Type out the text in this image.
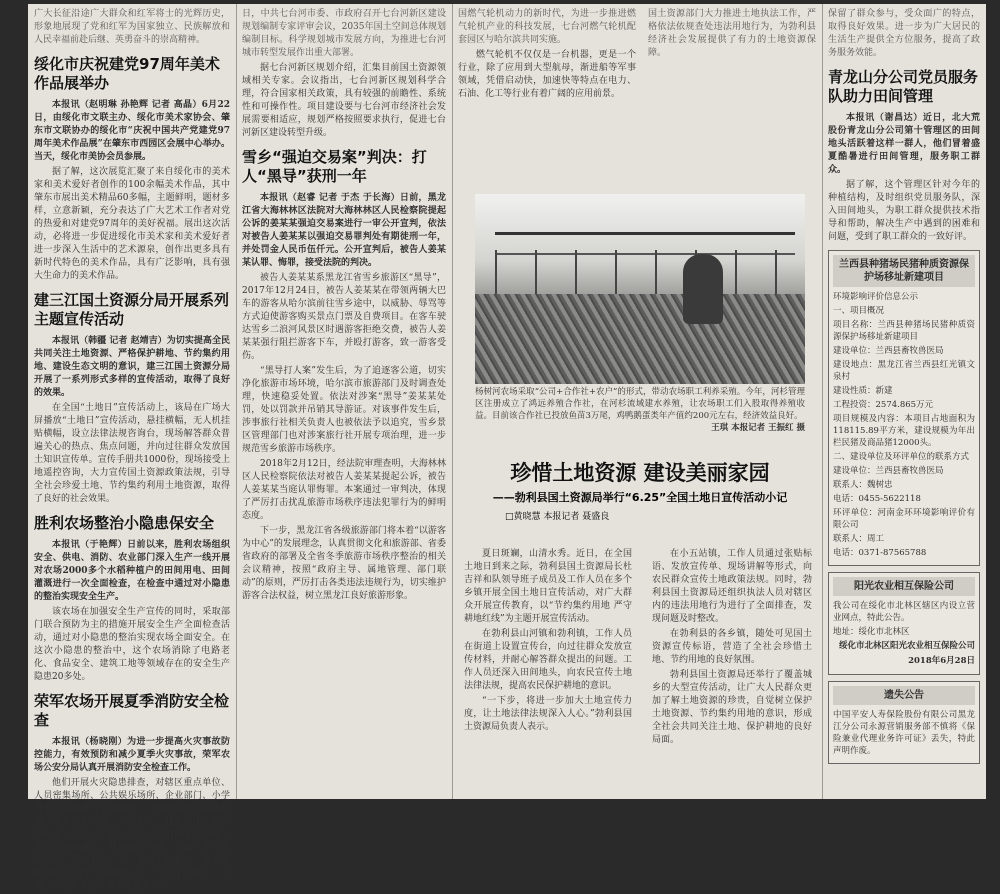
广大长征沿途广大群众和红军将士的光辉历史，形象地展现了党和红军为国家独立、民族解放和人民幸福前赴后继、英勇奋斗的崇高精神。

绥化市庆祝建党97周年美术作品展举办

本报讯（赵明琳 孙艳辉 记者 高晶）6月22日，由绥化市文联主办、绥化市美术家协会、肇东市文联协办的绥化市“庆祝中国共产党建党97周年美术作品展”在肇东市西园区会展中心举办。当天，绥化市美协会员参展。

据了解，这次展览汇聚了来自绥化市的美术家和美术爱好者创作的100余幅美术作品，其中肇东市展出美术精品60多幅，主题鲜明，题材多样，立意新颖，充分表达了广大艺术工作者对党的热爱和对建党97周年的美好祝福。展出这次活动，必将进一步促进绥化市美术家和美术爱好者进一步深入生活中的艺术源泉，创作出更多具有新时代特色的美术作品，具有广泛影响，具有强大生命力的美术作品。

建三江国土资源分局开展系列主题宣传活动

本报讯（韩疆 记者 赵靖吉）为切实提高全民共同关注土地资源、严格保护耕地、节约集约用地、建设生态文明的意识，建三江国土资源分局开展了一系列形式多样的宣传活动，取得了良好的效果。

在全国“土地日”宣传活动上，该局在广场大屏播放“土地日”宣传活动，悬挂横幅，无人机挂贴横幅，设立法律法规咨询台，现场解答群众普遍关心的热点、焦点问题，并向过往群众发放国土知识宣传单。宣传手册共1000份，现场接受上地遥控咨询，大力宣传国土资源政策法规，引导全社会珍爱土地、节约集约利用土地资源，取得了良好的社会效果。

胜利农场整治小隐患保安全

本报讯（于艳辉）日前以来，胜利农场组织安全、供电、消防、农业部门深入生产一线开展对农场2000多个水稻种植户的田间用电、田间灌溉进行一次全面检查，在检查中通过对小隐患的整治实现安全生产。

该农场在加强安全生产宣传的同时，采取部门联合预防为主的措施开展安全生产全面检查活动，通过对小隐患的整治实现农场全面安全。在这次小隐患的整治中，这个农场消除了电路老化、食品安全、建筑工地等领域存在的安全生产隐患20多处。

荣军农场开展夏季消防安全检查

本报讯（杨晓刚）为进一步提高火灾事故防控能力，有效预防和减少夏季火灾事故，荣军农场公安分局认真开展消防安全检查工作。

他们开展火灾隐患排查，对辖区重点单位、人员密集场所、公共娱乐场所、企业部门、小学等重点部位进行全面检查，全面开展火灾隐患排查，深入实地走访，对管理区、建筑工地、基层单位进行走访，广泛征求社会对消防安全管理工作的意见和建议。开展消防宣传，采取宣传车巡回宣传、播放公益广告、悬挂消防横幅、发放消防知识宣传单等多种形式，广泛宣传用火、用电、用气防火安全和灭火逃生知识。

日，中共七台河市委、市政府召开七台河新区建设规划编制专家评审会议，2035年国土空间总体规划编制目标。科学规划城市发展方向，为推进七台河城市转型发展作出重大部署。

据七台河新区规划介绍，汇集目前国土资源领域相关专家。会议指出，七台河新区规划科学合理，符合国家相关政策，具有较强的前瞻性、系统性和可操作性。项目建设要与七台河市经济社会发展需要相适应，规划严格按照要求执行，促进七台河新区建设转型升级。

雪乡“强迫交易案”判决：打人“黑导”获刑一年

本报讯（赵睿 记者 于杰 于长海）日前，黑龙江省大海林林区法院对大海林林区人民检察院提起公诉的姜某某强迫交易案进行一审公开宣判，依法对被告人姜某某以强迫交易罪判处有期徒刑一年，并处罚金人民币伍仟元。公开宣判后，被告人姜某某认罪、悔罪，接受法院的判决。

被告人姜某某系黑龙江省雪乡旅游区“黑导”，2017年12月24日，被告人姜某某在带领两辆大巴车的游客从哈尔滨前往雪乡途中，以威胁、辱骂等方式迫使游客购买景点门票及自费项目。在客车驶达雪乡二浪河风景区时遇游客拒绝交费，被告人姜某某强行阻拦游客下车，并殴打游客，致一游客受伤。

“黑导打人案”发生后，为了追逐客公道，切实净化旅游市场环境，哈尔滨市旅游部门及时调查处理，快速稳妥处置。依法对涉案“黑导”姜某某处罚，处以罚款并吊销其导游证。对该事件发生后，涉事旅行社相关负责人也被依法予以追究，雪乡景区管理部门也对涉案旅行社开展专项治理，进一步规范雪乡旅游市场秩序。

2018年2月12日，经法院审理查明，大海林林区人民检察院依法对被告人姜某某提起公诉，被告人姜某某当庭认罪悔罪。本案通过一审判决，体现了严厉打击扰乱旅游市场秩序违法犯罪行为的鲜明态度。

下一步，黑龙江省各级旅游部门将本着“以游客为中心”的发展理念，认真贯彻文化和旅游部、省委省政府的部署及全省冬季旅游市场秩序整治的相关会议精神，按照“政府主导、属地管理、部门联动”的原则，严厉打击各类违法违规行为，切实维护游客合法权益，树立黑龙江良好旅游形象。

国燃气轮机动力的新时代，为进一步推进燃气轮机产业的科技发展，七台河燃气轮机配套园区与哈尔滨共同实施。

燃气轮机不仅仅是一台机器，更是一个行业，除了应用到大型航母，渐进船等军事领域，凭借启动快，加速快等特点在电力、石油、化工等行业有着广阔的应用前景。

国土资源部门大力推进土地执法工作，严格依法依规查处违法用地行为，为勃利县经济社会发展提供了有力的土地资源保障。

杨树河农场采取“公司+合作社+农户”的形式，带动农场职工利养采殖。今年，河杉管理区注册成立了鸿远养殖合作社，在河杉流域建水养殖，让农场职工们入股取得养殖收益。目前该合作社已投放鱼苗3万尾，鸡鸭鹅蛋类年产值约200元左右，经济效益良好。
王琪 本报记者 王振红 摄
珍惜土地资源 建设美丽家园
——勃利县国土资源局举行“6.25”全国土地日宣传活动小记
□黄晓慧 本报记者 聂盛良

夏日斑斓，山清水秀。近日，在全国土地日到来之际，勃利县国土资源局长杜吉祥和队领导班子成员及工作人员在多个乡镇开展全国土地日宣传活动，对广大群众开展宣传教育，以“节约集约用地 严守耕地红线”为主题开展宣传活动。

在勃利县山河镇和勃利镇，工作人员在街道上设置宣传台，向过往群众发放宣传材料，并耐心解答群众提出的问题。工作人员还深入田间地头，向农民宣传土地法律法规，提高农民保护耕地的意识。

“一下步，将进一步加大土地宣传力度，让土地法律法规深入人心。”勃利县国土资源局负责人表示。

在小五站镇，工作人员通过张贴标语、发放宣传单、现场讲解等形式，向农民群众宣传土地政策法规。同时，勃利县国土资源局还组织执法人员对辖区内的违法用地行为进行了全面排查，发现问题及时整改。

在勃利县的各乡镇，随处可见国土资源宣传标语，营造了全社会珍惜土地、节约用地的良好氛围。

勃利县国土资源局还举行了覆盖城乡的大型宣传活动，让广大人民群众更加了解土地资源的珍贵，自觉树立保护土地资源、节约集约用地的意识，形成全社会共同关注土地、保护耕地的良好局面。

保留了群众参与，受众面广的特点，取得良好效果。进一步为广大居民的生活生产提供全方位服务，提高了政务服务效能。

青龙山分公司党员服务队助力田间管理

本报讯（谢昌达）近日，北大荒股份青龙山分公司第十管理区的田间地头活跃着这样一群人，他们冒着盛夏酷暑进行田间管理，服务职工群众。

据了解，这个管理区针对今年的种植结构，及时组织党员服务队，深入田间地头，为职工群众提供技术指导和帮助，解决生产中遇到的困难和问题，受到了职工群众的一致好评。

兰西县种猪场民猪种质资源保护场移址新建项目

环境影响评价信息公示

一、项目概况

项目名称：兰西县种猪场民猪种质资源保护场移址新建项目

建设单位：兰西县畜牧兽医局

建设地点：黑龙江省兰西县红光镇文泉村

建设性质：新建

工程投资：2574.865万元

项目规模及内容：本项目占地面积为118115.89平方米，建设规模为年出栏民猪及商品猪12000头。

二、建设单位及环评单位的联系方式

建设单位：兰西县畜牧兽医局

联系人：魏树忠

电话：0455-5622118

环评单位：河南金环环境影响评价有限公司

联系人：周工

电话：0371-87565788

阳光农业相互保险公司

我公司在绥化市北林区辖区内设立营业网点，特此公告。

地址：绥化市北林区

绥化市北林区阳光农业相互保险公司

2018年6月28日

遗失公告

中国平安人寿保险股份有限公司黑龙江分公司永源营销服务部不慎将《保险兼业代理业务许可证》丢失，特此声明作废。
